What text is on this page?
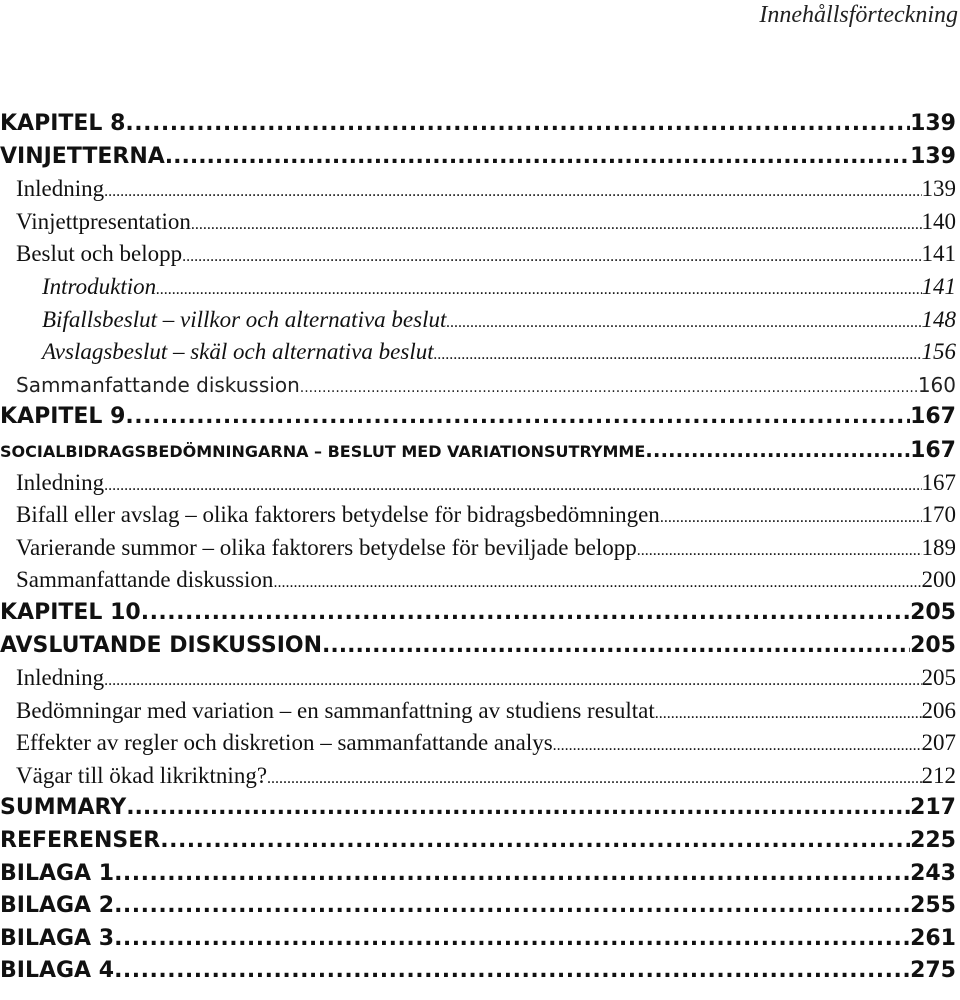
Innehållsförteckning
KAPITEL 8 .....	139
VINJETTERNA .....	139
Inledning .....	139
Vinjettpresentation .....	140
Beslut och belopp .....	141
Introduktion .....	141
Bifallsbeslut – villkor och alternativa beslut .....	148
Avslagsbeslut – skäl och alternativa beslut .....	156
Sammanfattande diskussion .....	160
KAPITEL 9 .....	167
SOCIALBIDRAGSBEDÖMNINGARNA – BESLUT MED VARIATIONSUTRYMME .....	167
Inledning .....	167
Bifall eller avslag – olika faktorers betydelse för bidragsbedömningen .....	170
Varierande summor – olika faktorers betydelse för beviljade belopp .....	189
Sammanfattande diskussion .....	200
KAPITEL 10 .....	205
AVSLUTANDE DISKUSSION .....	205
Inledning .....	205
Bedömningar med variation – en sammanfattning av studiens resultat .....	206
Effekter av regler och diskretion – sammanfattande analys .....	207
Vägar till ökad likriktning? .....	212
SUMMARY .....	217
REFERENSER .....	225
BILAGA 1 .....	243
BILAGA 2 .....	255
BILAGA 3 .....	261
BILAGA 4 .....	275
